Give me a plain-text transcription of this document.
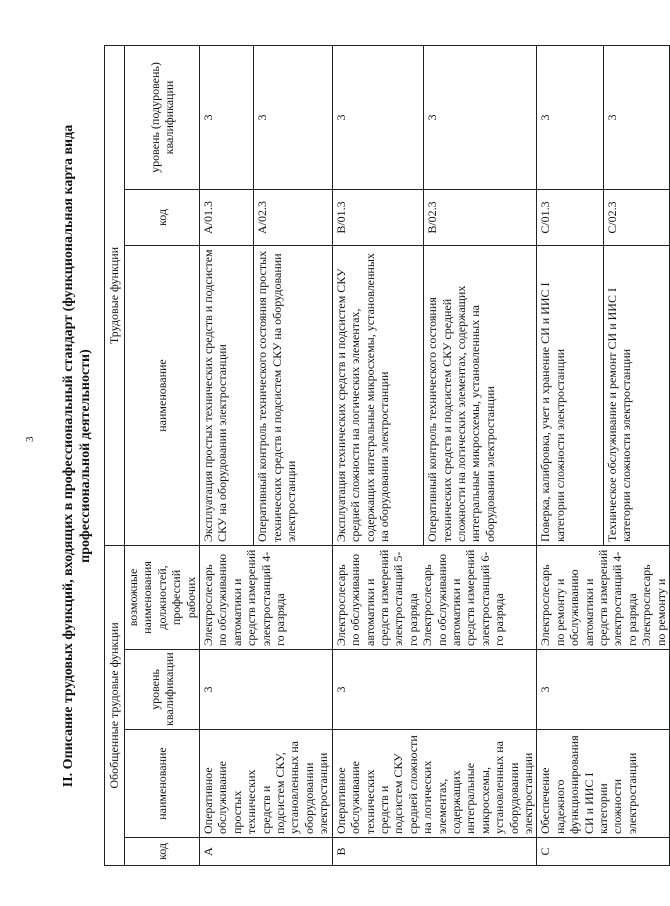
3 II. Описание трудовых функций, входящих в профессиональный стандарт (функциональная карта вида профессиональной деятельности)
Обобщенные трудовые функции				Трудовые функции		
код	наименование	уровень квалификации	возможные наименования должностей, профессий рабочих	наименование	код	уровень (подуровень) квалификации
A	Оперативное обслуживание простых технических средств и подсистем СКУ, установленных на оборудовании электростанции	3	Электрослесарь по обслуживанию автоматики и средств измерений электростанций 4-го разряда	Эксплуатация простых технических средств и подсистем СКУ на оборудовании электростанции	A/01.3	3
				Оперативный контроль технического состояния простых технических средств и подсистем СКУ на оборудовании электростанции	A/02.3	3
B	Оперативное обслуживание технических средств и подсистем СКУ средней сложности на логических элементах, содержащих интегральные микросхемы, установленных на оборудовании электростанции	3	Электрослесарь по обслуживанию автоматики и средств измерений электростанций 5-го разряда Электрослесарь по обслуживанию автоматики и средств измерений электростанций 6-го разряда	Эксплуатация технических средств и подсистем СКУ средней сложности на логических элементах, содержащих интегральные микросхемы, установленных на оборудовании электростанции	B/01.3	3
				Оперативный контроль технического состояния технических средств и подсистем СКУ средней сложности на логических элементах, содержащих интегральные микросхемы, установленных на оборудовании электростанции	B/02.3	3
C	Обеспечение надежного функционирования СИ и ИИС I категории сложности электростанции	3	Электрослесарь по ремонту и обслуживанию автоматики и средств измерений электростанций 4-го разряда Электрослесарь по ремонту и	Поверка, калибровка, учет и хранение СИ и ИИС I категории сложности электростанции	C/01.3	3
				Техническое обслуживание и ремонт СИ и ИИС I категории сложности электростанции	C/02.3	3
